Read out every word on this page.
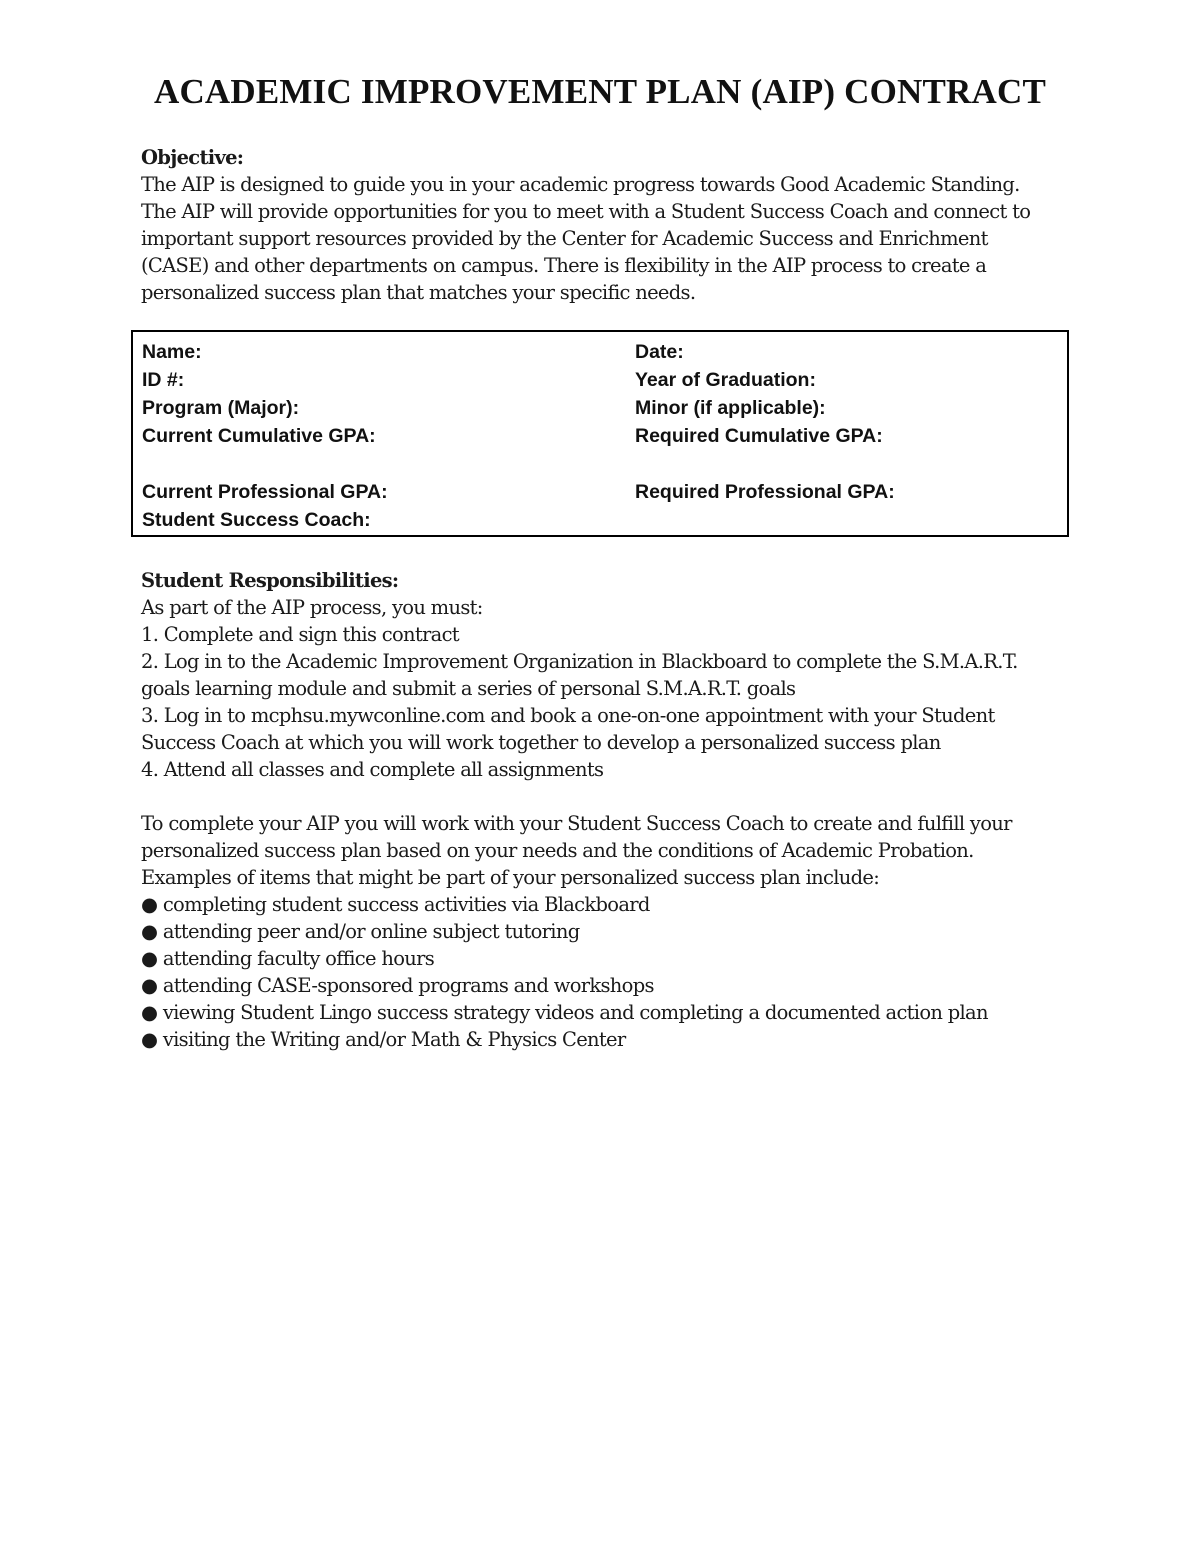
ACADEMIC IMPROVEMENT PLAN (AIP) CONTRACT
Objective:
The AIP is designed to guide you in your academic progress towards Good Academic Standing.
The AIP will provide opportunities for you to meet with a Student Success Coach and connect to
important support resources provided by the Center for Academic Success and Enrichment
(CASE) and other departments on campus. There is flexibility in the AIP process to create a
personalized success plan that matches your specific needs.
Name:	Date:
ID #:	Year of Graduation:
Program (Major):	Minor (if applicable):
Current Cumulative GPA:	Required Cumulative GPA:
Current Professional GPA:	Required Professional GPA:
Student Success Coach:
Student Responsibilities:
As part of the AIP process, you must:
1. Complete and sign this contract
2. Log in to the Academic Improvement Organization in Blackboard to complete the S.M.A.R.T.
goals learning module and submit a series of personal S.M.A.R.T. goals
3. Log in to mcphsu.mywconline.com and book a one-on-one appointment with your Student
Success Coach at which you will work together to develop a personalized success plan
4. Attend all classes and complete all assignments
To complete your AIP you will work with your Student Success Coach to create and fulfill your
personalized success plan based on your needs and the conditions of Academic Probation.
Examples of items that might be part of your personalized success plan include:
● completing student success activities via Blackboard
● attending peer and/or online subject tutoring
● attending faculty office hours
● attending CASE-sponsored programs and workshops
● viewing Student Lingo success strategy videos and completing a documented action plan
● visiting the Writing and/or Math & Physics Center
